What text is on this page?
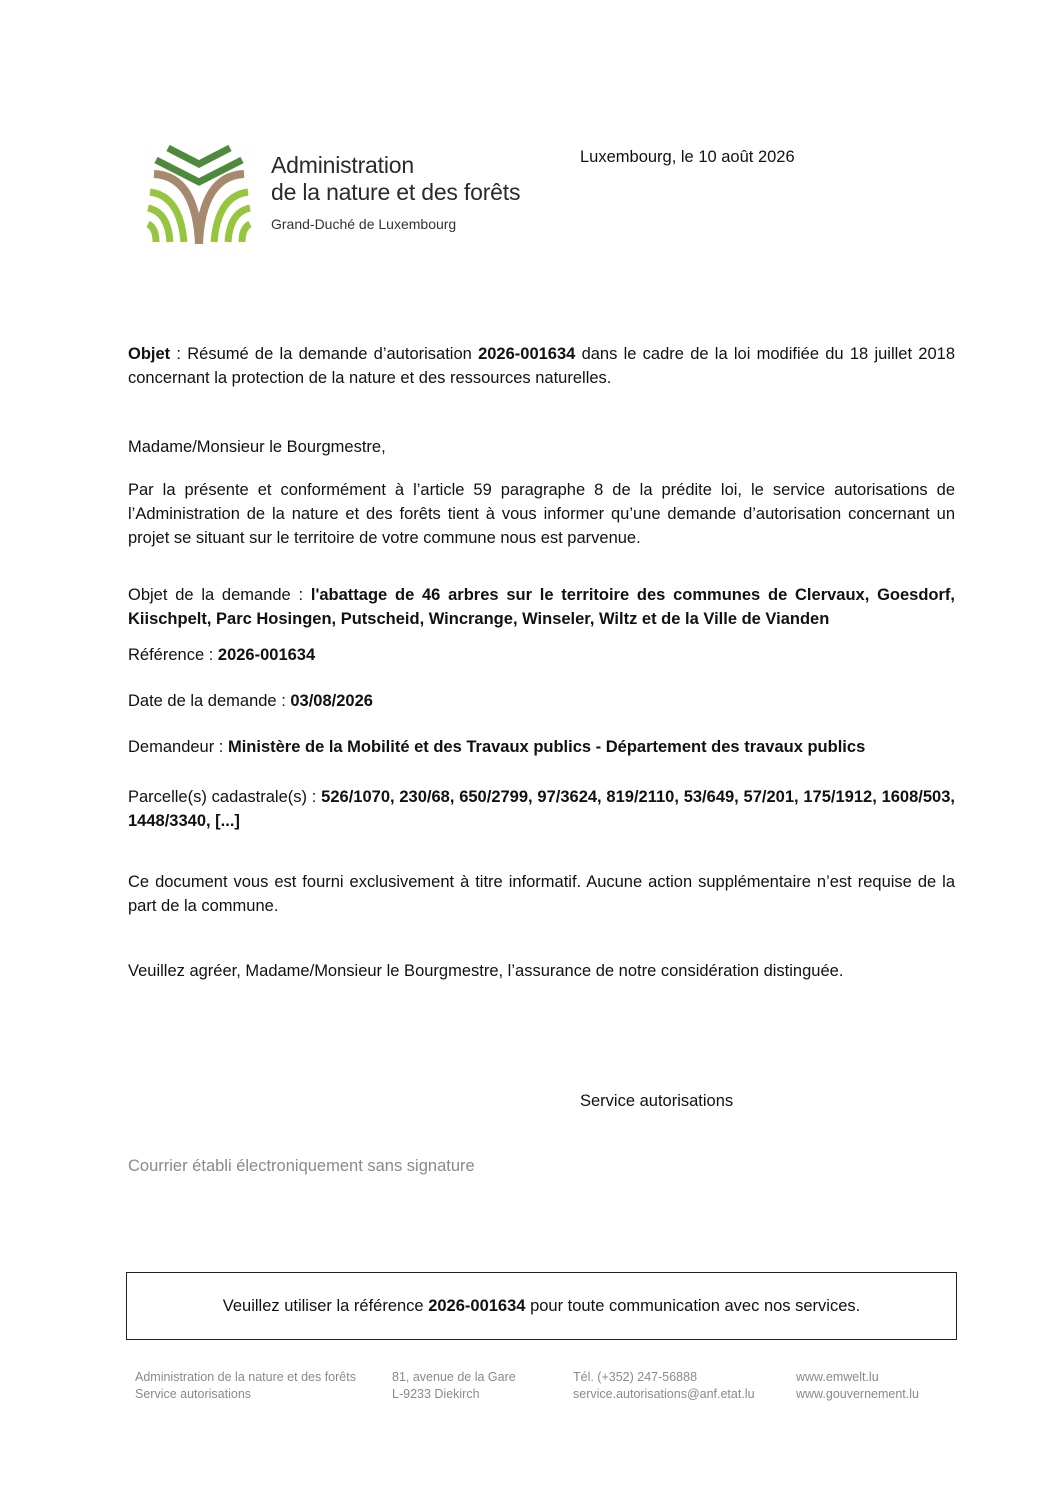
Administration
de la nature et des forêts
Grand-Duché de Luxembourg
Luxembourg, le 10 août 2026
Objet : Résumé de la demande d’autorisation 2026-001634 dans le cadre de la loi modifiée du 18 juillet 2018 concernant la protection de la nature et des ressources naturelles.
Madame/Monsieur le Bourgmestre,
Par la présente et conformément à l’article 59 paragraphe 8 de la prédite loi, le service autorisations de l’Administration de la nature et des forêts tient à vous informer qu’une demande d’autorisation concernant un projet se situant sur le territoire de votre commune nous est parvenue.
Objet de la demande : l'abattage de 46 arbres sur le territoire des communes de Clervaux, Goesdorf, Kiischpelt, Parc Hosingen, Putscheid, Wincrange, Winseler, Wiltz et de la Ville de Vianden
Référence : 2026-001634
Date de la demande : 03/08/2026
Demandeur : Ministère de la Mobilité et des Travaux publics - Département des travaux publics
Parcelle(s) cadastrale(s) : 526/1070, 230/68, 650/2799, 97/3624, 819/2110, 53/649, 57/201, 175/1912, 1608/503, 1448/3340, [...]
Ce document vous est fourni exclusivement à titre informatif. Aucune action supplémentaire n’est requise de la part de la commune.
Veuillez agréer, Madame/Monsieur le Bourgmestre, l’assurance de notre considération distinguée.
Service autorisations
Courrier établi électroniquement sans signature
Veuillez utiliser la référence
2026-001634
pour toute communication avec nos services.
Administration de la nature et des forêts
Service autorisations
81, avenue de la Gare
L-9233 Diekirch
Tél. (+352) 247-56888
service.autorisations@anf.etat.lu
www.emwelt.lu
www.gouvernement.lu
